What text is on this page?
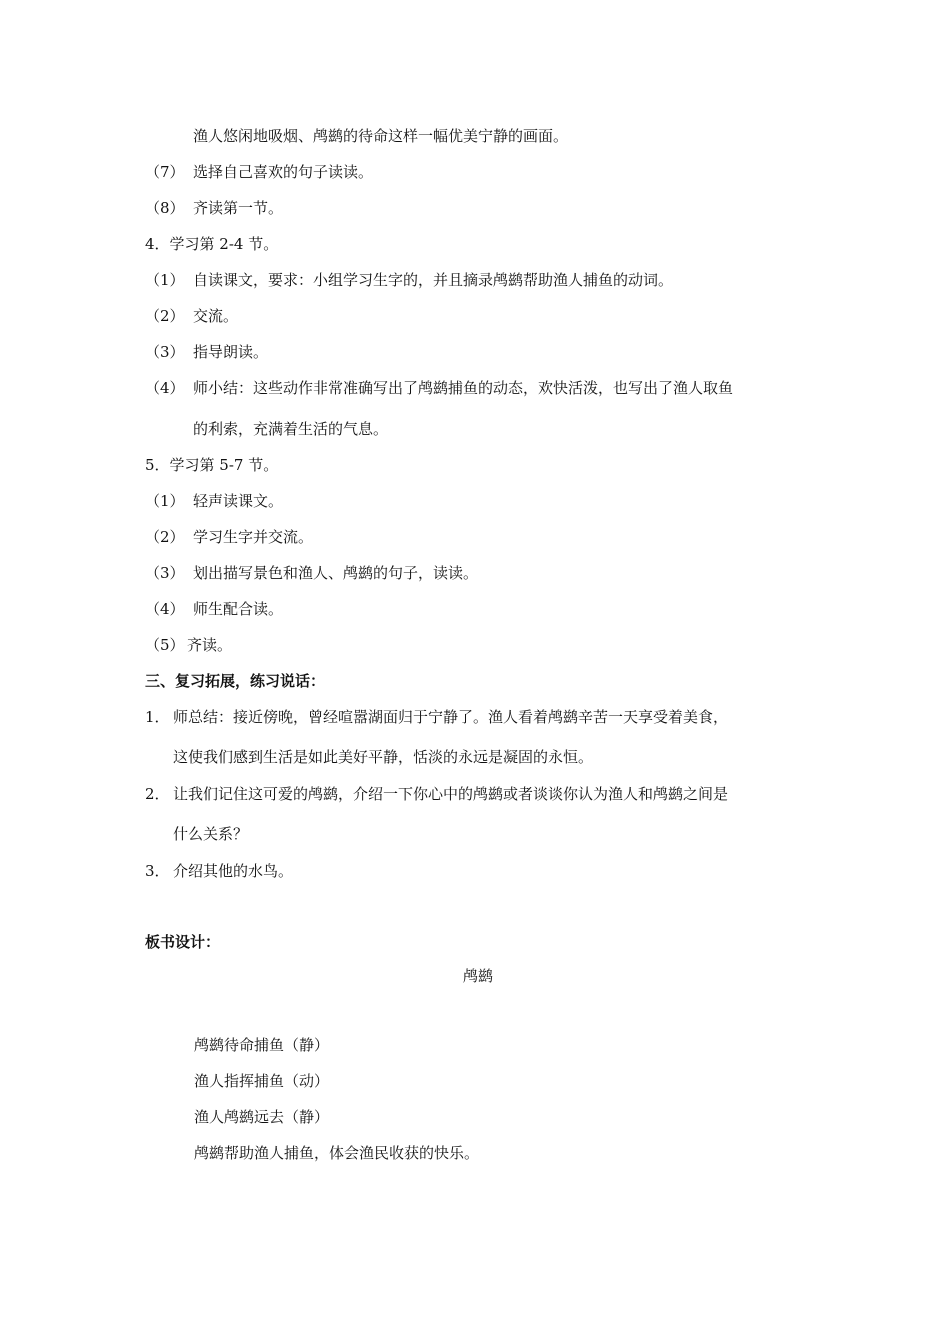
渔人悠闲地吸烟、鸬鹚的待命这样一幅优美宁静的画面。
（7） 选择自己喜欢的句子读读。
（8） 齐读第一节。
4．学习第 2-4 节。
（1） 自读课文，要求：小组学习生字的，并且摘录鸬鹚帮助渔人捕鱼的动词。
（2） 交流。
（3） 指导朗读。
（4） 师小结：这些动作非常准确写出了鸬鹚捕鱼的动态，欢快活泼，也写出了渔人取鱼
的利索，充满着生活的气息。
5．学习第 5-7 节。
（1） 轻声读课文。
（2） 学习生字并交流。
（3） 划出描写景色和渔人、鸬鹚的句子，读读。
（4） 师生配合读。
（5） 齐读。
三、复习拓展，练习说话：
1． 师总结：接近傍晚，曾经喧嚣湖面归于宁静了。渔人看着鸬鹚辛苦一天享受着美食，
这使我们感到生活是如此美好平静，恬淡的永远是凝固的永恒。
2． 让我们记住这可爱的鸬鹚，介绍一下你心中的鸬鹚或者谈谈你认为渔人和鸬鹚之间是
什么关系？
3． 介绍其他的水鸟。
板书设计：
鸬鹚
鸬鹚待命捕鱼（静）
渔人指挥捕鱼（动）
渔人鸬鹚远去（静）
鸬鹚帮助渔人捕鱼，体会渔民收获的快乐。
